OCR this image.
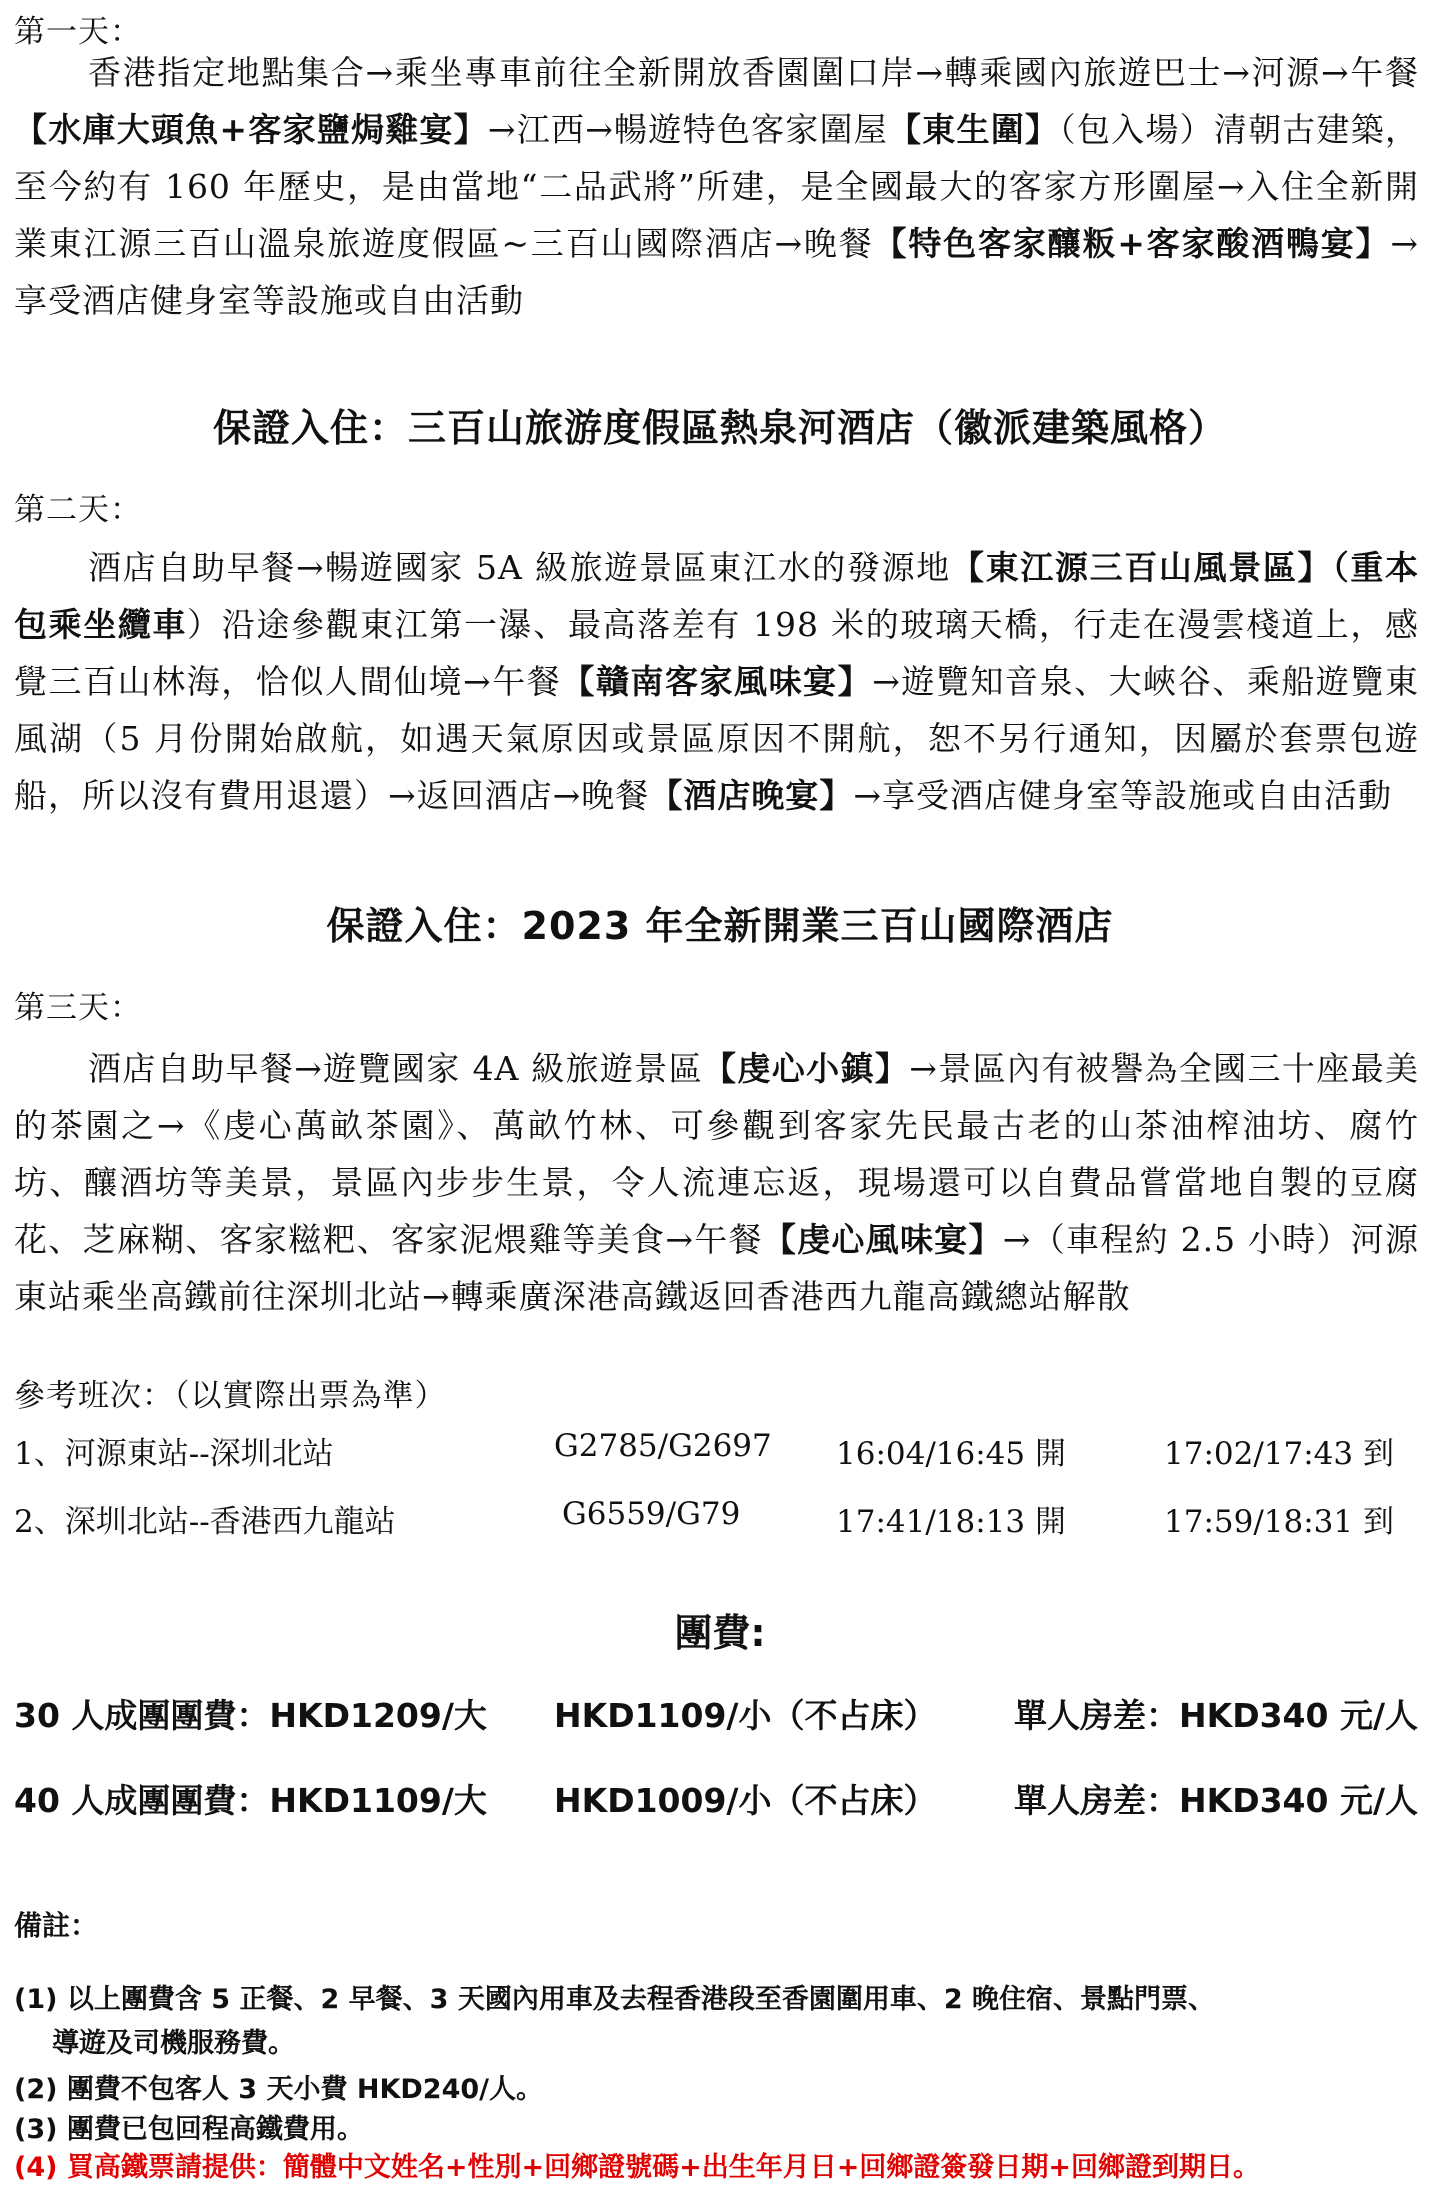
第一天：

香港指定地點集合→乘坐專車前往全新開放香園圍口岸→轉乘國內旅遊巴士→河源→午餐【水庫大頭魚+客家鹽焗雞宴】→江西→暢遊特色客家圍屋【東生圍】（包入場）清朝古建築，至今約有 160 年歷史，是由當地“二品武將”所建，是全國最大的客家方形圍屋→入住全新開業東江源三百山溫泉旅遊度假區~三百山國際酒店→晚餐【特色客家釀粄+客家酸酒鴨宴】→享受酒店健身室等設施或自由活動

保證入住：三百山旅游度假區熱泉河酒店（徽派建築風格）
第二天：

酒店自助早餐→暢遊國家 5A 級旅遊景區東江水的發源地【東江源三百山風景區】（重本包乘坐纜車）沿途參觀東江第一瀑、最高落差有 198 米的玻璃天橋，行走在漫雲棧道上，感覺三百山林海，恰似人間仙境→午餐【贛南客家風味宴】→遊覽知音泉、大峽谷、乘船遊覽東風湖（5 月份開始啟航，如遇天氣原因或景區原因不開航，恕不另行通知，因屬於套票包遊船，所以沒有費用退還）→返回酒店→晚餐【酒店晚宴】→享受酒店健身室等設施或自由活動

保證入住：2023 年全新開業三百山國際酒店
第三天：

酒店自助早餐→遊覽國家 4A 級旅遊景區【虔心小鎮】→景區內有被譽為全國三十座最美的茶園之→《虔心萬畝茶園》、萬畝竹林、可參觀到客家先民最古老的山茶油榨油坊、腐竹坊、釀酒坊等美景，景區內步步生景，令人流連忘返，現場還可以自費品嘗當地自製的豆腐花、芝麻糊、客家糍粑、客家泥煨雞等美食→午餐【虔心風味宴】→（車程約 2.5 小時）河源東站乘坐高鐵前往深圳北站→轉乘廣深港高鐵返回香港西九龍高鐵總站解散

參考班次：（以實際出票為準）
1、河源東站--深圳北站	G2785/G2697 16:04/16:45 開	17:02/17:43 到
2、深圳北站--香港西九龍站	G6559/G79	17:41/18:13 開	17:59/18:31 到
團費:
30 人成團團費：HKD1209/大 HKD1109/小（不占床） 單人房差：HKD340 元/人
40 人成團團費：HKD1109/大 HKD1009/小（不占床） 單人房差：HKD340 元/人
備註：
(1) 以上團費含 5 正餐、2 早餐、3 天國內用車及去程香港段至香園圍用車、2 晚住宿、景點門票、
導遊及司機服務費。
(2) 團費不包客人 3 天小費 HKD240/人。
(3) 團費已包回程高鐵費用。
(4) 買高鐵票請提供：簡體中文姓名+性別+回鄉證號碼+出生年月日+回鄉證簽發日期+回鄉證到期日。
